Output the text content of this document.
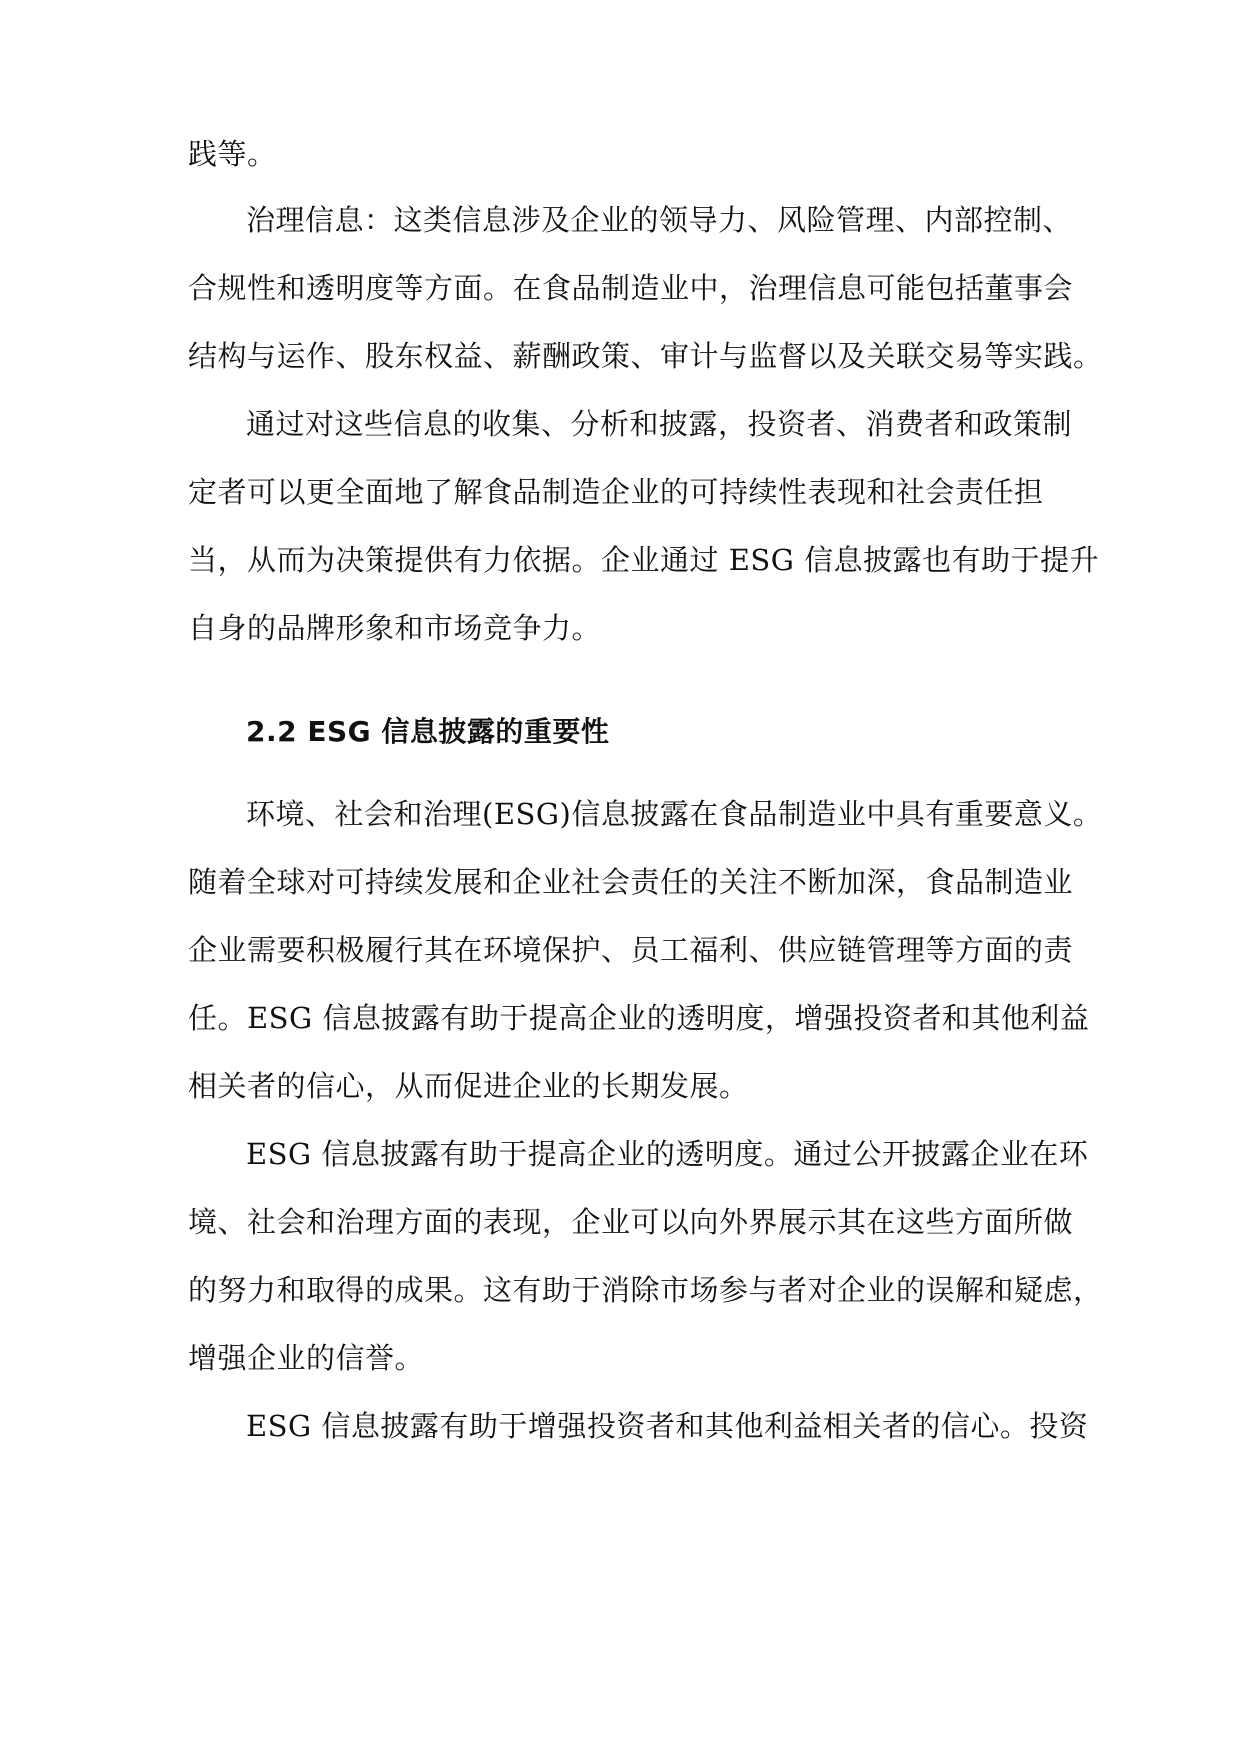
践等。
治理信息：这类信息涉及企业的领导力、风险管理、内部控制、
合规性和透明度等方面。在食品制造业中，治理信息可能包括董事会
结构与运作、股东权益、薪酬政策、审计与监督以及关联交易等实践。
通过对这些信息的收集、分析和披露，投资者、消费者和政策制
定者可以更全面地了解食品制造企业的可持续性表现和社会责任担
当，从而为决策提供有力依据。企业通过 ESG 信息披露也有助于提升
自身的品牌形象和市场竞争力。
2.2 ESG 信息披露的重要性
环境、社会和治理(ESG)信息披露在食品制造业中具有重要意义。
随着全球对可持续发展和企业社会责任的关注不断加深，食品制造业
企业需要积极履行其在环境保护、员工福利、供应链管理等方面的责
任。ESG 信息披露有助于提高企业的透明度，增强投资者和其他利益
相关者的信心，从而促进企业的长期发展。
ESG 信息披露有助于提高企业的透明度。通过公开披露企业在环
境、社会和治理方面的表现，企业可以向外界展示其在这些方面所做
的努力和取得的成果。这有助于消除市场参与者对企业的误解和疑虑，
增强企业的信誉。
ESG 信息披露有助于增强投资者和其他利益相关者的信心。投资
